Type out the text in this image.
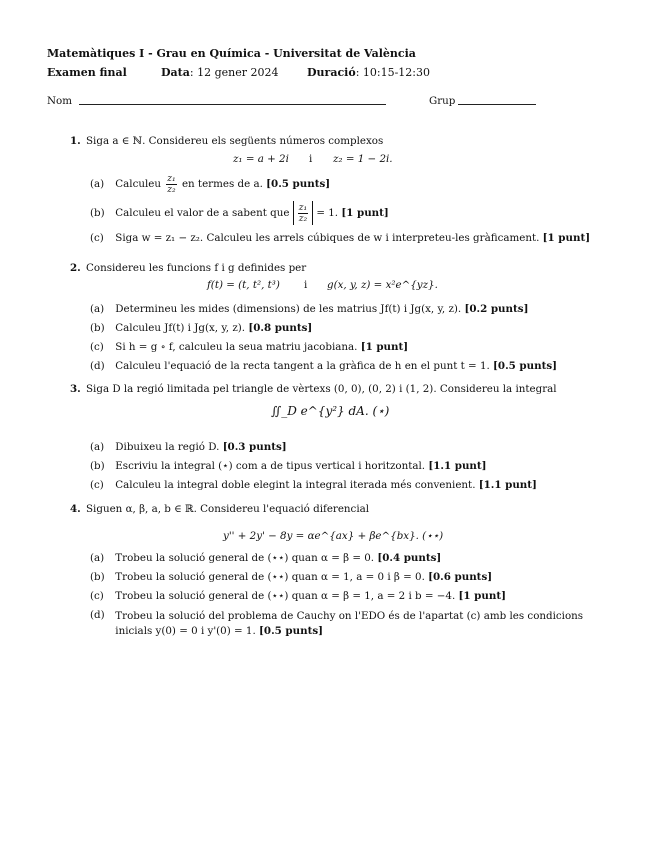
Matemàtiques I - Grau en Química - Universitat de València
Examen final	Data: 12 gener 2024	Duració: 10:15-12:30
Nom	Grup
1. Siga a ∈ ℕ. Considereu els següents números complexos
z₁ = a + 2i i z₂ = 1 − 2i.
(a) Calculeu $\frac{\text{z₁}}{\text{z₂}}$ en termes de a. [0.5 punts]
(b) Calculeu el valor de a sabent que $\frac{\text{z₁}}{\text{z₂}} = 1$. [1 punt]
(c) Siga w = z₁ − z₂. Calculeu les arrels cúbiques de w i interpreteu-les gràficament. [1 punt]
2. Considereu les funcions f i g definides per
f(t) = (t, t², t³) i g(x, y, z) = x²e^{yz}.
(a) Determineu les mides (dimensions) de les matrius Jf(t) i Jg(x, y, z). [0.2 punts]
(b) Calculeu Jf(t) i Jg(x, y, z). [0.8 punts]
(c) Si h = g ∘ f, calculeu la seua matriu jacobiana. [1 punt]
(d) Calculeu l'equació de la recta tangent a la gràfica de h en el punt t = 1. [0.5 punts]
3. Siga D la regió limitada pel triangle de vèrtexs (0, 0), (0, 2) i (1, 2). Considereu la integral
∬_D e^{y²} dA. (⋆)
(a) Dibuixeu la regió D. [0.3 punts]
(b) Escriviu la integral (⋆) com a de tipus vertical i horitzontal. [1.1 punt]
(c) Calculeu la integral doble elegint la integral iterada més convenient. [1.1 punt]
4. Siguen α, β, a, b ∈ ℝ. Considereu l'equació diferencial
y'' + 2y' − 8y = αe^{ax} + βe^{bx}. (⋆⋆)
(a) Trobeu la solució general de (⋆⋆) quan α = β = 0. [0.4 punts]
(b) Trobeu la solució general de (⋆⋆) quan α = 1, a = 0 i β = 0. [0.6 punts]
(c) Trobeu la solució general de (⋆⋆) quan α = β = 1, a = 2 i b = −4. [1 punt]
(d) Trobeu la solució del problema de Cauchy on l'EDO és de l'apartat (c) amb les condicions inicials y(0) = 0 i y'(0) = 1. [0.5 punts]
